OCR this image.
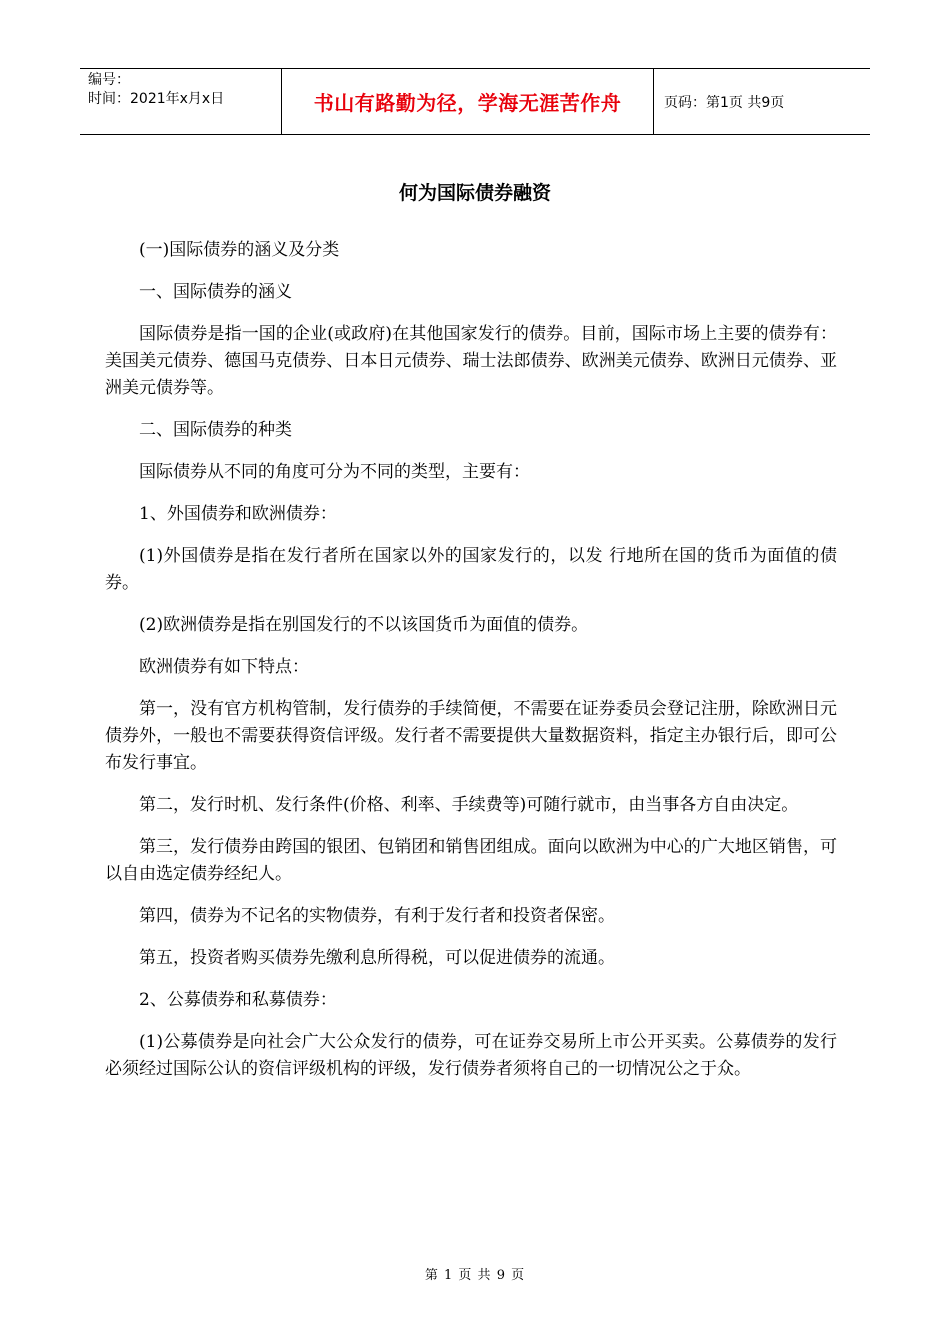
编号：
时间：2021年x月x日	书山有路勤为径，学海无涯苦作舟	页码：第1页 共9页
何为国际债券融资

(一)国际债券的涵义及分类

一、国际债券的涵义

国际债券是指一国的企业(或政府)在其他国家发行的债券。目前，国际市场上主要的债券有：美国美元债券、德国马克债券、日本日元债券、瑞士法郎债券、欧洲美元债券、欧洲日元债券、亚洲美元债券等。

二、国际债券的种类

国际债券从不同的角度可分为不同的类型，主要有：

1、外国债券和欧洲债券：

(1)外国债券是指在发行者所在国家以外的国家发行的，以发 行地所在国的货币为面值的债券。

(2)欧洲债券是指在别国发行的不以该国货币为面值的债券。

欧洲债券有如下特点：

第一，没有官方机构管制，发行债券的手续简便，不需要在证券委员会登记注册，除欧洲日元债券外，一般也不需要获得资信评级。发行者不需要提供大量数据资料，指定主办银行后，即可公布发行事宜。

第二，发行时机、发行条件(价格、利率、手续费等)可随行就市，由当事各方自由决定。

第三，发行债券由跨国的银团、包销团和销售团组成。面向以欧洲为中心的广大地区销售，可以自由选定债券经纪人。

第四，债券为不记名的实物债券，有利于发行者和投资者保密。

第五，投资者购买债券先缴利息所得税，可以促进债券的流通。

2、公募债券和私募债券：

(1)公募债券是向社会广大公众发行的债券，可在证券交易所上市公开买卖。公募债券的发行必须经过国际公认的资信评级机构的评级，发行债券者须将自己的一切情况公之于众。

第 1 页 共 9 页
